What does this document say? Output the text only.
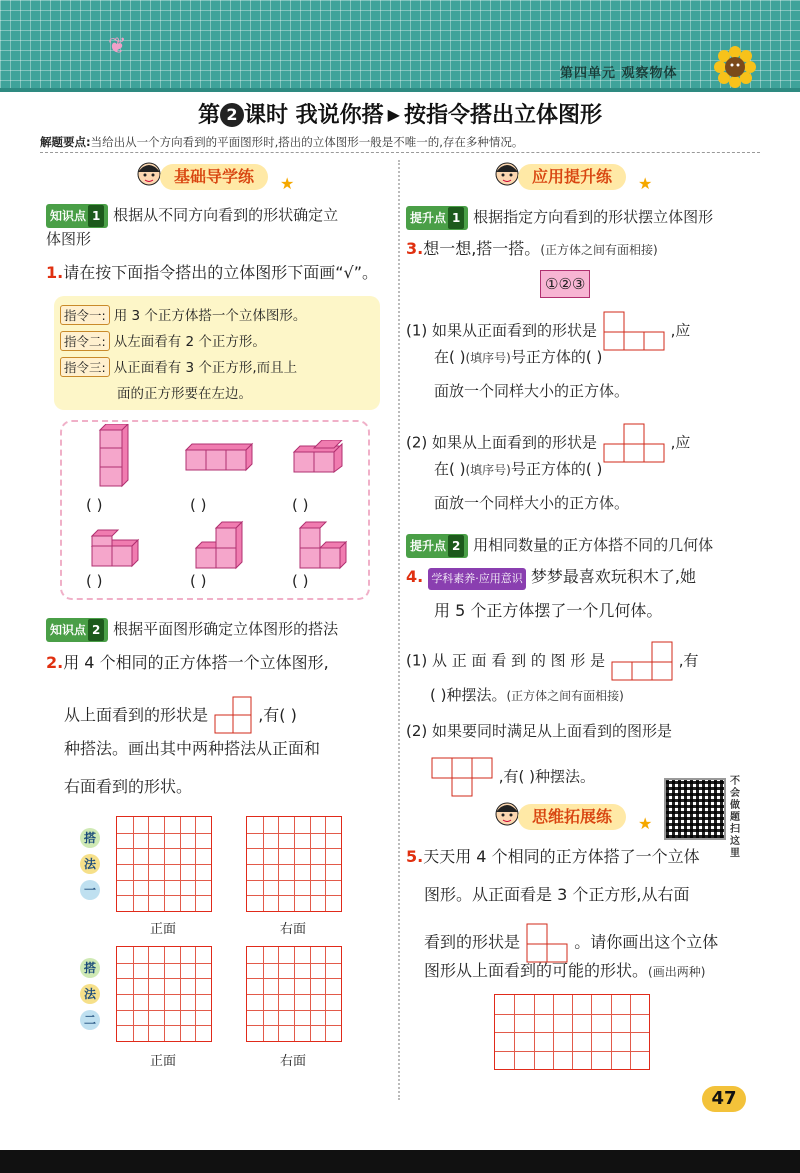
❦
第四单元 观察物体
第 2 课时 我说你搭 ▶ 按指令搭出立体图形
解题要点:当给出从一个方向看到的平面图形时,搭出的立体图形一般是不唯一的,存在多种情况。
基础导学练	★
知识点 1 根据从不同方向看到的形状确定立
体图形
1.请在按下面指令搭出的立体图形下面画“√”。
指令一: 用 3 个正方体搭一个立体图形。
指令二: 从左面看有 2 个正方形。
指令三: 从正面看有 3 个正方形,而且上
面的正方形要在左边。
( )	( )	( )
( )	( )	( )
知识点 2 根据平面图形确定立体图形的搭法
2.用 4 个相同的正方体搭一个立体图形,
从上面看到的形状是	,有( )
种搭法。画出其中两种搭法从正面和
右面看到的形状。
搭
法
一
搭
法
二
正面	右面
正面	右面
应用提升练	★
提升点 1 根据指定方向看到的形状摆立体图形
3.想一想,搭一搭。(正方体之间有面相接)
①②③
(1) 如果从正面看到的形状是	,应
在( )(填序号)号正方体的( )
面放一个同样大小的正方体。
(2) 如果从上面看到的形状是	,应
在( )(填序号)号正方体的( )
面放一个同样大小的正方体。
提升点 2 用相同数量的正方体搭不同的几何体
4. 学科素养·应用意识 梦梦最喜欢玩积木了,她
用 5 个正方体摆了一个几何体。
(1) 从 正 面 看 到 的 图 形 是	,有
( )种摆法。(正方体之间有面相接)
(2) 如果要同时满足从上面看到的图形是
,有( )种摆法。	不会做题扫这里
思维拓展练	★
5.天天用 4 个相同的正方体搭了一个立体
图形。从正面看是 3 个正方形,从右面
看到的形状是	。请你画出这个立体
图形从上面看到的可能的形状。(画出两种)
47
